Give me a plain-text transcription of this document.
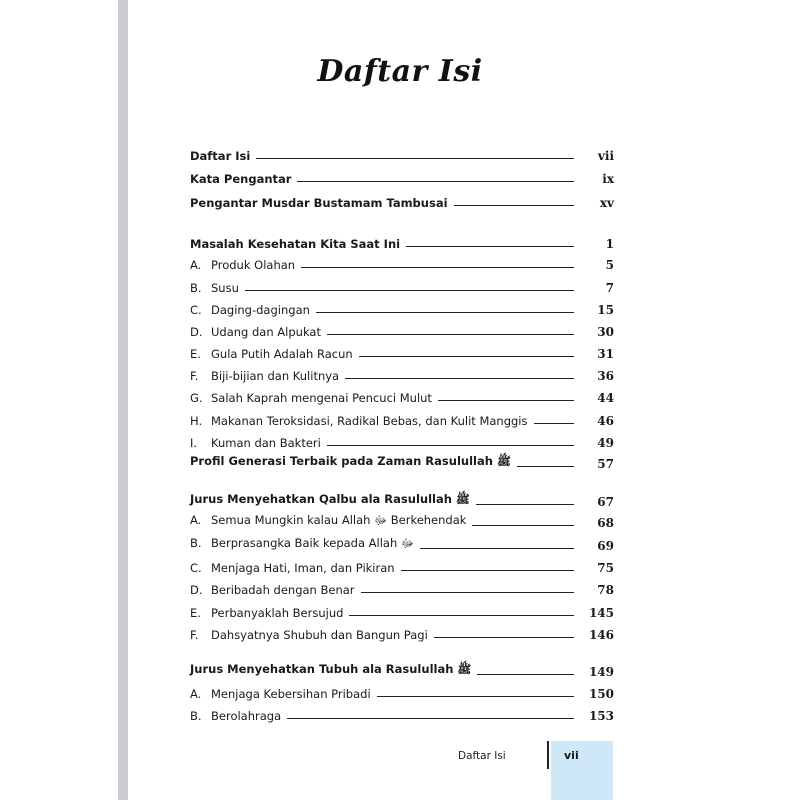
Daftar Isi
Daftar Isi	vii
Kata Pengantar	ix
Pengantar Musdar Bustamam Tambusai	xv
Masalah Kesehatan Kita Saat Ini	1
A. Produk Olahan	5
B. Susu	7
C. Daging-dagingan	15
D. Udang dan Alpukat	30
E. Gula Putih Adalah Racun	31
F. Biji-bijian dan Kulitnya	36
G. Salah Kaprah mengenai Pencuci Mulut	44
H. Makanan Teroksidasi, Radikal Bebas, dan Kulit Manggis	46
I. Kuman dan Bakteri	49
Profil Generasi Terbaik pada Zaman Rasulullah ﷺ	57
Jurus Menyehatkan Qalbu ala Rasulullah ﷺ	67
A. Semua Mungkin kalau Allah ﷻ Berkehendak	68
B. Berprasangka Baik kepada Allah ﷻ	69
C. Menjaga Hati, Iman, dan Pikiran	75
D. Beribadah dengan Benar	78
E. Perbanyaklah Bersujud	145
F. Dahsyatnya Shubuh dan Bangun Pagi	146
Jurus Menyehatkan Tubuh ala Rasulullah ﷺ	149
A. Menjaga Kebersihan Pribadi	150
B. Berolahraga	153
Daftar Isi	vii
